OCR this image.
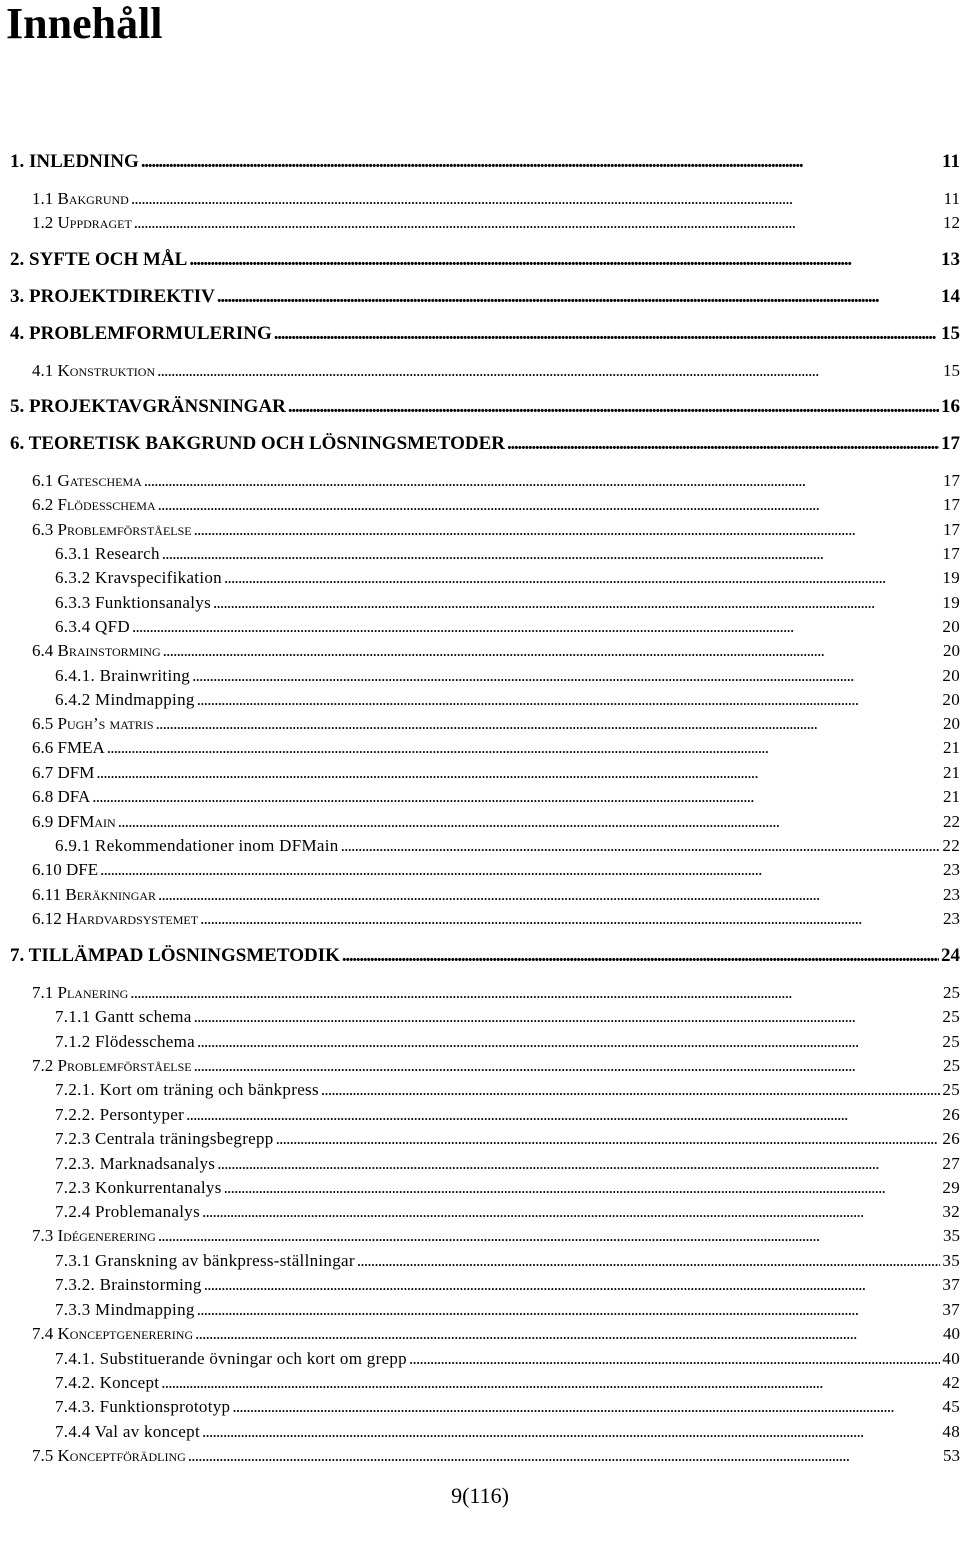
Innehåll
1. INLEDNING . . .	11
1.1 Bakgrund . . .	11
1.2 Uppdraget . . .	12
2. SYFTE OCH MÅL . . .	13
3. PROJEKTDIREKTIV . . .	14
4. PROBLEMFORMULERING . . .	15
4.1 Konstruktion . . .	15
5. PROJEKTAVGRÄNSNINGAR . . .	16
6. TEORETISK BAKGRUND OCH LÖSNINGSMETODER . . .	17
6.1 Gateschema . . .	17
6.2 Flödesschema . . .	17
6.3 Problemförståelse . . .	17
6.3.1 Research . . .	17
6.3.2 Kravspecifikation . . .	19
6.3.3 Funktionsanalys . . .	19
6.3.4 QFD . . .	20
6.4 Brainstorming . . .	20
6.4.1. Brainwriting . . .	20
6.4.2 Mindmapping . . .	20
6.5 Pugh’s matris . . .	20
6.6 FMEA . . .	21
6.7 DFM . . .	21
6.8 DFA . . .	21
6.9 DFMain . . .	22
6.9.1 Rekommendationer inom DFMain . . .	22
6.10 DFE . . .	23
6.11 Beräkningar . . .	23
6.12 Hardvardsystemet . . .	23
7. TILLÄMPAD LÖSNINGSMETODIK . . .	24
7.1 Planering . . .	25
7.1.1 Gantt schema . . .	25
7.1.2 Flödesschema . . .	25
7.2 Problemförståelse . . .	25
7.2.1. Kort om träning och bänkpress . . .	25
7.2.2. Persontyper . . .	26
7.2.3 Centrala träningsbegrepp . . .	26
7.2.3. Marknadsanalys . . .	27
7.2.3 Konkurrentanalys . . .	29
7.2.4 Problemanalys . . .	32
7.3 Idégenerering . . .	35
7.3.1 Granskning av bänkpress-ställningar . . .	35
7.3.2. Brainstorming . . .	37
7.3.3 Mindmapping . . .	37
7.4 Konceptgenerering . . .	40
7.4.1. Substituerande övningar och kort om grepp . . .	40
7.4.2. Koncept . . .	42
7.4.3. Funktionsprototyp . . .	45
7.4.4 Val av koncept . . .	48
7.5 Konceptförädling . . .	53
9(116)
